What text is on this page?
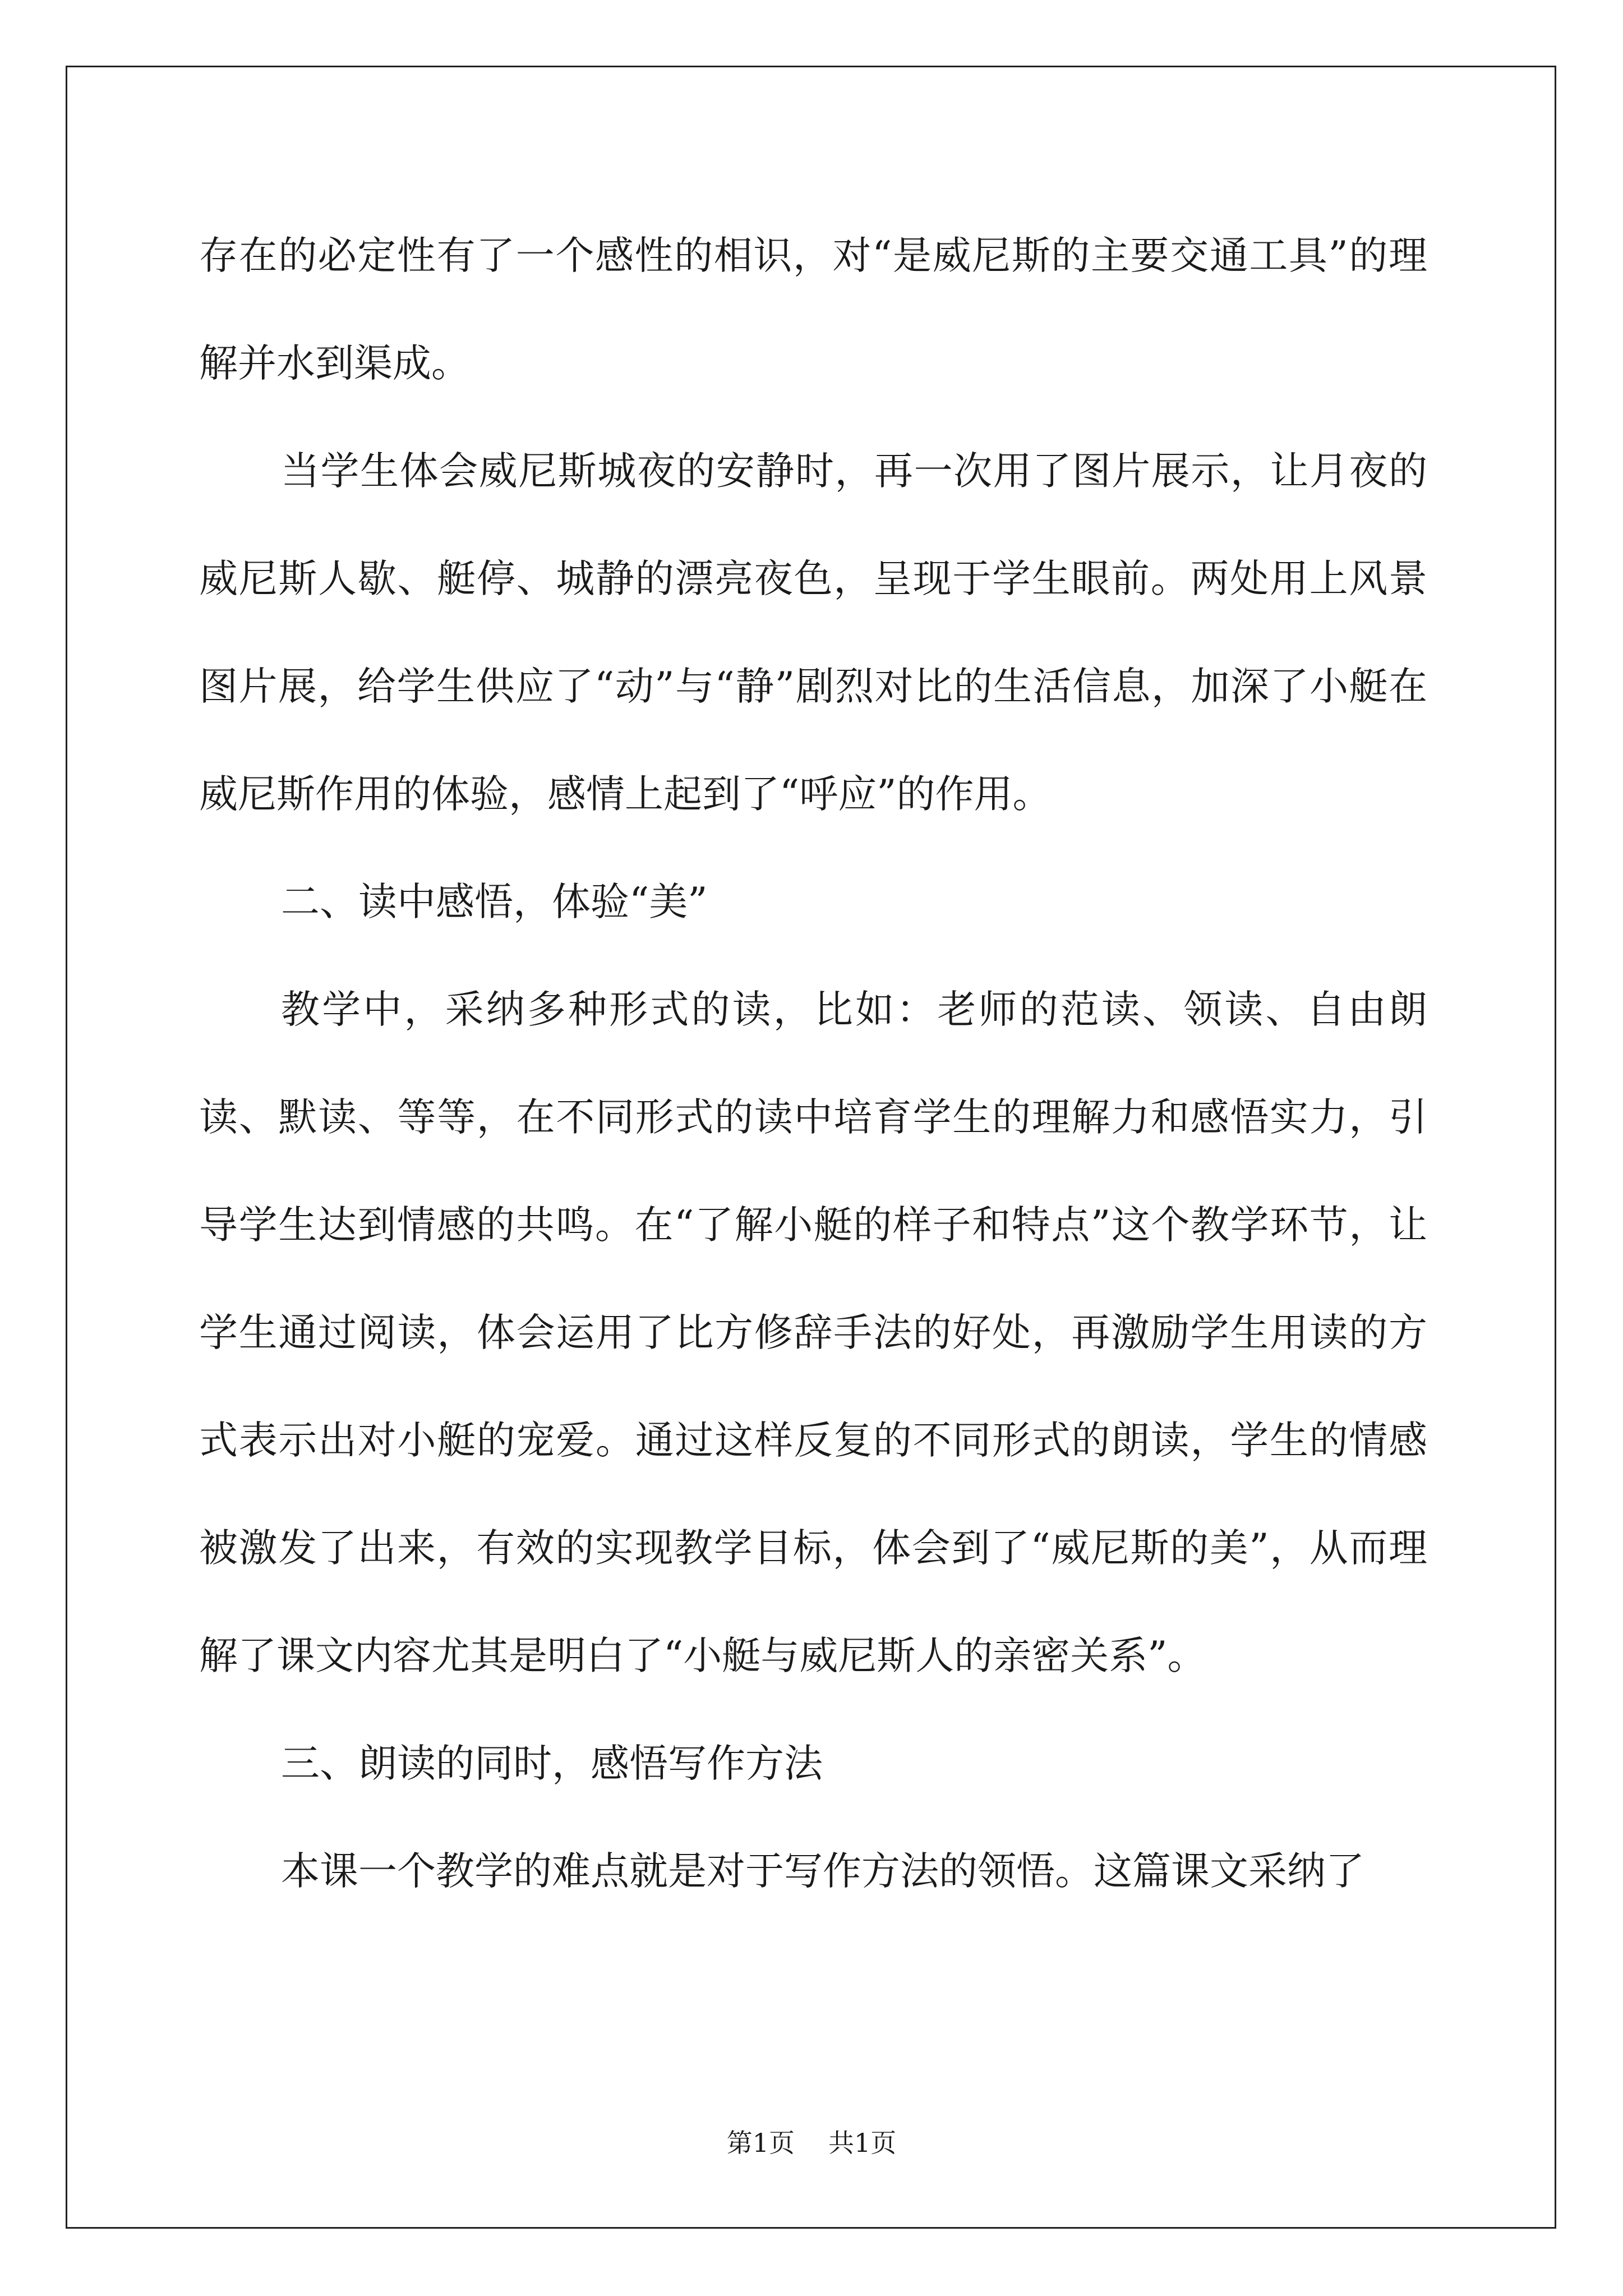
存在的必定性有了一个感性的相识，对“是威尼斯的主要交通工具”的理解并水到渠成。

当学生体会威尼斯城夜的安静时，再一次用了图片展示，让月夜的威尼斯人歇、艇停、城静的漂亮夜色，呈现于学生眼前。两处用上风景图片展，给学生供应了“动”与“静”剧烈对比的生活信息，加深了小艇在威尼斯作用的体验，感情上起到了“呼应”的作用。

二、读中感悟，体验“美”

教学中，采纳多种形式的读，比如：老师的范读、领读、自由朗读、默读、等等，在不同形式的读中培育学生的理解力和感悟实力，引导学生达到情感的共鸣。在“了解小艇的样子和特点”这个教学环节，让学生通过阅读，体会运用了比方修辞手法的好处，再激励学生用读的方式表示出对小艇的宠爱。通过这样反复的不同形式的朗读，学生的情感被激发了出来，有效的实现教学目标，体会到了“威尼斯的美”，从而理解了课文内容尤其是明白了“小艇与威尼斯人的亲密关系”。

三、朗读的同时，感悟写作方法

本课一个教学的难点就是对于写作方法的领悟。这篇课文采纳了

第1页 共1页
